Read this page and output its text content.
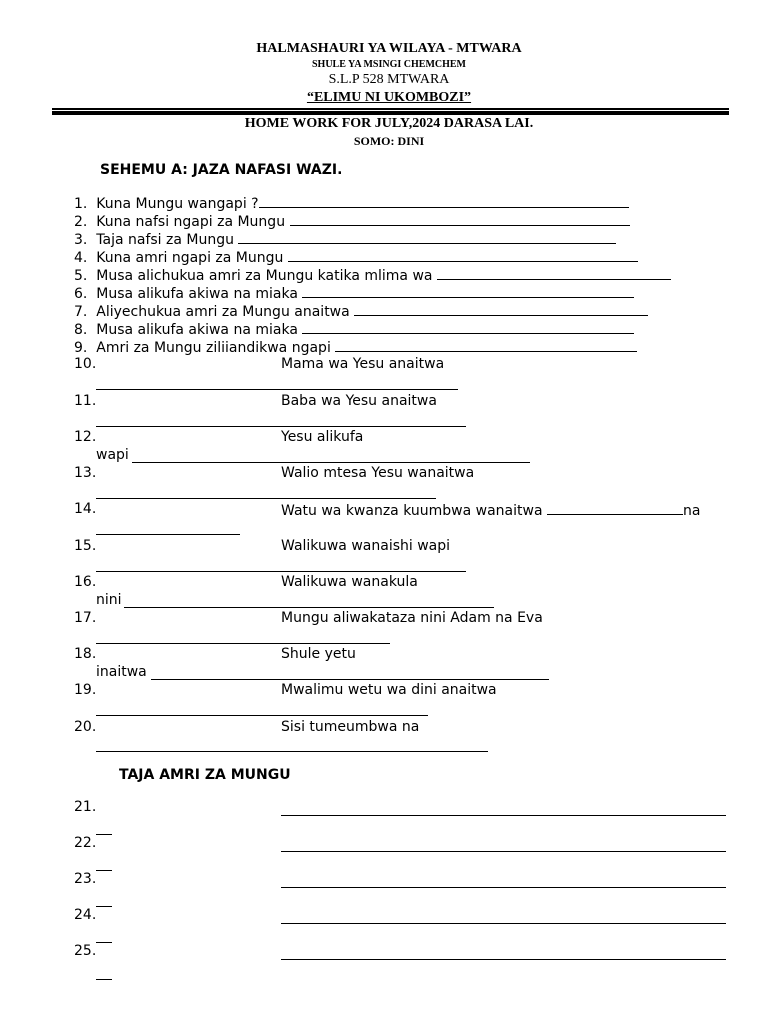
HALMASHAURI YA WILAYA - MTWARA
SHULE YA MSINGI CHEMCHEM
S.L.P 528 MTWARA
“ELIMU NI UKOMBOZI”
HOME WORK FOR JULY,2024 DARASA LAI.
SOMO: DINI
SEHEMU A: JAZA NAFASI WAZI.
1. Kuna Mungu wangapi ?
2. Kuna nafsi ngapi za Mungu
3. Taja nafsi za Mungu
4. Kuna amri ngapi za Mungu
5. Musa alichukua amri za Mungu katika mlima wa
6. Musa alikufa akiwa na miaka
7. Aliyechukua amri za Mungu anaitwa
8. Musa alikufa akiwa na miaka
9. Amri za Mungu ziliiandikwa ngapi
10.	Mama wa Yesu anaitwa
11.	Baba wa Yesu anaitwa
12.	Yesu alikufa
wapi
13.	Walio mtesa Yesu wanaitwa
14.	Watu wa kwanza kuumbwa wanaitwa	na
15.	Walikuwa wanaishi wapi
16.	Walikuwa wanakula
nini
17.	Mungu aliwakataza nini Adam na Eva
18.	Shule yetu
inaitwa
19.	Mwalimu wetu wa dini anaitwa
20.	Sisi tumeumbwa na
TAJA AMRI ZA MUNGU
21.
22.
23.
24.
25.
